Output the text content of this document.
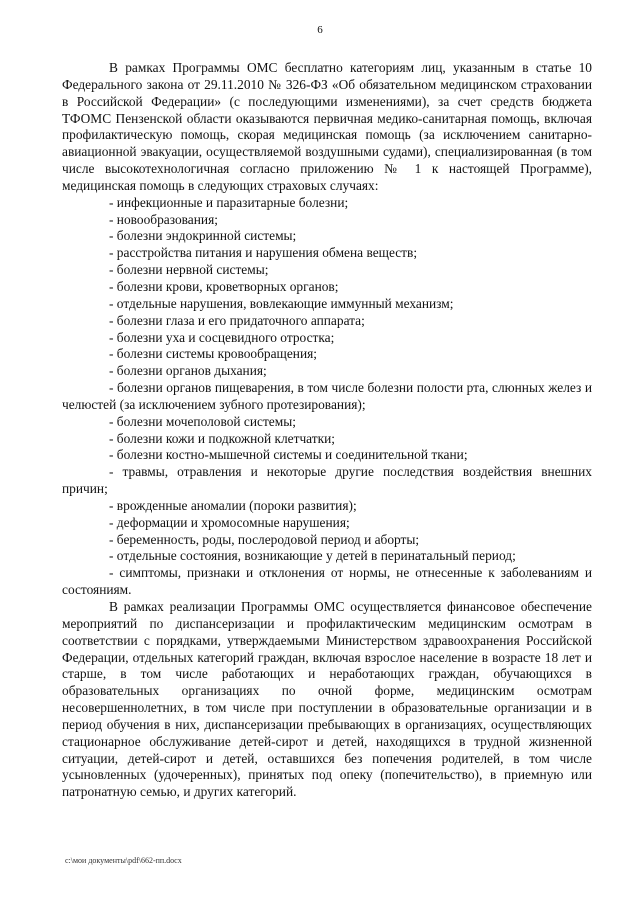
6

В рамках Программы ОМС бесплатно категориям лиц, указанным в статье 10 Федерального закона от 29.11.2010 № 326-ФЗ «Об обязательном медицинском страховании в Российской Федерации» (с последующими изменениями), за счет средств бюджета ТФОМС Пензенской области оказываются первичная медико-санитарная помощь, включая профилактическую помощь, скорая медицинская помощь (за исключением санитарно-авиационной эвакуации, осуществляемой воздушными судами), специализированная (в том числе высокотехнологичная согласно приложению № 1 к настоящей Программе), медицинская помощь в следующих страховых случаях:

- инфекционные и паразитарные болезни;
- новообразования;
- болезни эндокринной системы;
- расстройства питания и нарушения обмена веществ;
- болезни нервной системы;
- болезни крови, кроветворных органов;
- отдельные нарушения, вовлекающие иммунный механизм;
- болезни глаза и его придаточного аппарата;
- болезни уха и сосцевидного отростка;
- болезни системы кровообращения;
- болезни органов дыхания;
- болезни органов пищеварения, в том числе болезни полости рта, слюнных желез и челюстей (за исключением зубного протезирования);
- болезни мочеполовой системы;
- болезни кожи и подкожной клетчатки;
- болезни костно-мышечной системы и соединительной ткани;
- травмы, отравления и некоторые другие последствия воздействия внешних причин;
- врожденные аномалии (пороки развития);
- деформации и хромосомные нарушения;
- беременность, роды, послеродовой период и аборты;
- отдельные состояния, возникающие у детей в перинатальный период;
- симптомы, признаки и отклонения от нормы, не отнесенные к заболеваниям и состояниям.

В рамках реализации Программы ОМС осуществляется финансовое обеспечение мероприятий по диспансеризации и профилактическим медицинским осмотрам в соответствии с порядками, утверждаемыми Министерством здравоохранения Российской Федерации, отдельных категорий граждан, включая взрослое население в возрасте 18 лет и старше, в том числе работающих и неработающих граждан, обучающихся в образовательных организациях по очной форме, медицинским осмотрам несовершеннолетних, в том числе при поступлении в образовательные организации и в период обучения в них, диспансеризации пребывающих в организациях, осуществляющих стационарное обслуживание детей-сирот и детей, находящихся в трудной жизненной ситуации, детей-сирот и детей, оставшихся без попечения родителей, в том числе усыновленных (удочеренных), принятых под опеку (попечительство), в приемную или патронатную семью, и других категорий.

c:\мои документы\pdf\662-пп.docx
